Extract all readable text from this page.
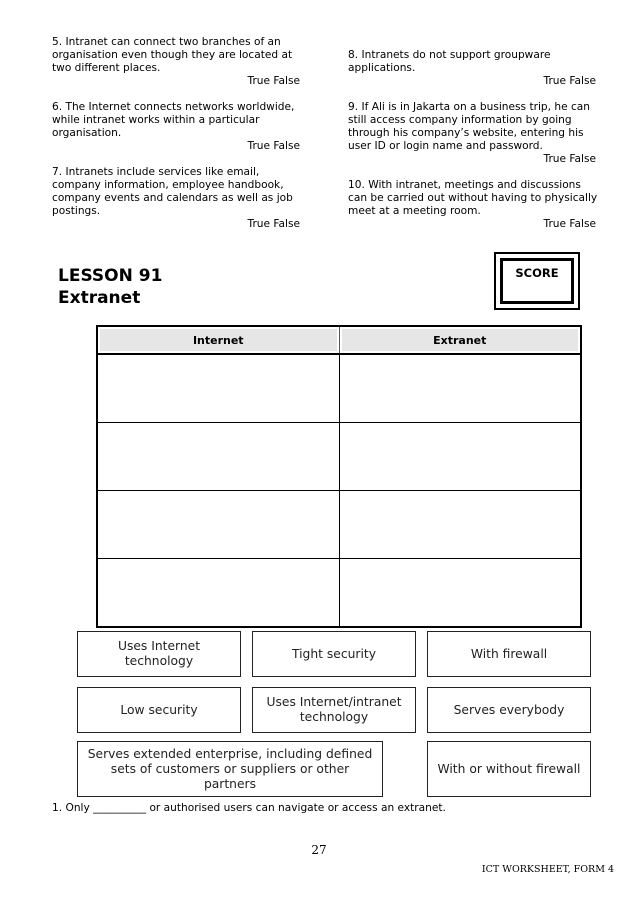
5. Intranet can connect two branches of an
organisation even though they are located at
two different places.
True False
6. The Internet connects networks worldwide,
while intranet works within a particular
organisation.
True False
7. Intranets include services like email,
company information, employee handbook,
company events and calendars as well as job
postings.
True False
8. Intranets do not support groupware
applications.
True False
9. If Ali is in Jakarta on a business trip, he can
still access company information by going
through his company’s website, entering his
user ID or login name and password.
True False
10. With intranet, meetings and discussions
can be carried out without having to physically
meet at a meeting room.
True False
LESSON 91
Extranet
SCORE
Internet	Extranet

Uses Internet
technology
Tight security	With firewall
Low security
Uses Internet/intranet
technology
Serves everybody
Serves extended enterprise, including defined
sets of customers or suppliers or other
partners
With or without firewall
1. Only __________ or authorised users can navigate or access an extranet.
27
ICT WORKSHEET, FORM 4
